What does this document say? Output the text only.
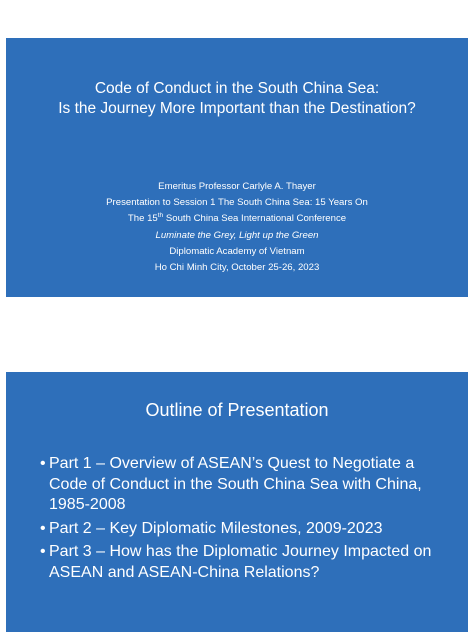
Code of Conduct in the South China Sea:
Is the Journey More Important than the Destination?
Emeritus Professor Carlyle A. Thayer
Presentation to Session 1 The South China Sea: 15 Years On
The 15th South China Sea International Conference
Luminate the Grey, Light up the Green
Diplomatic Academy of Vietnam
Ho Chi Minh City, October 25-26, 2023
Outline of Presentation
• Part 1 – Overview of ASEAN’s Quest to Negotiate a Code of Conduct in the South China Sea with China, 1985-2008
• Part 2 – Key Diplomatic Milestones, 2009-2023
• Part 3 – How has the Diplomatic Journey Impacted on ASEAN and ASEAN-China Relations?
